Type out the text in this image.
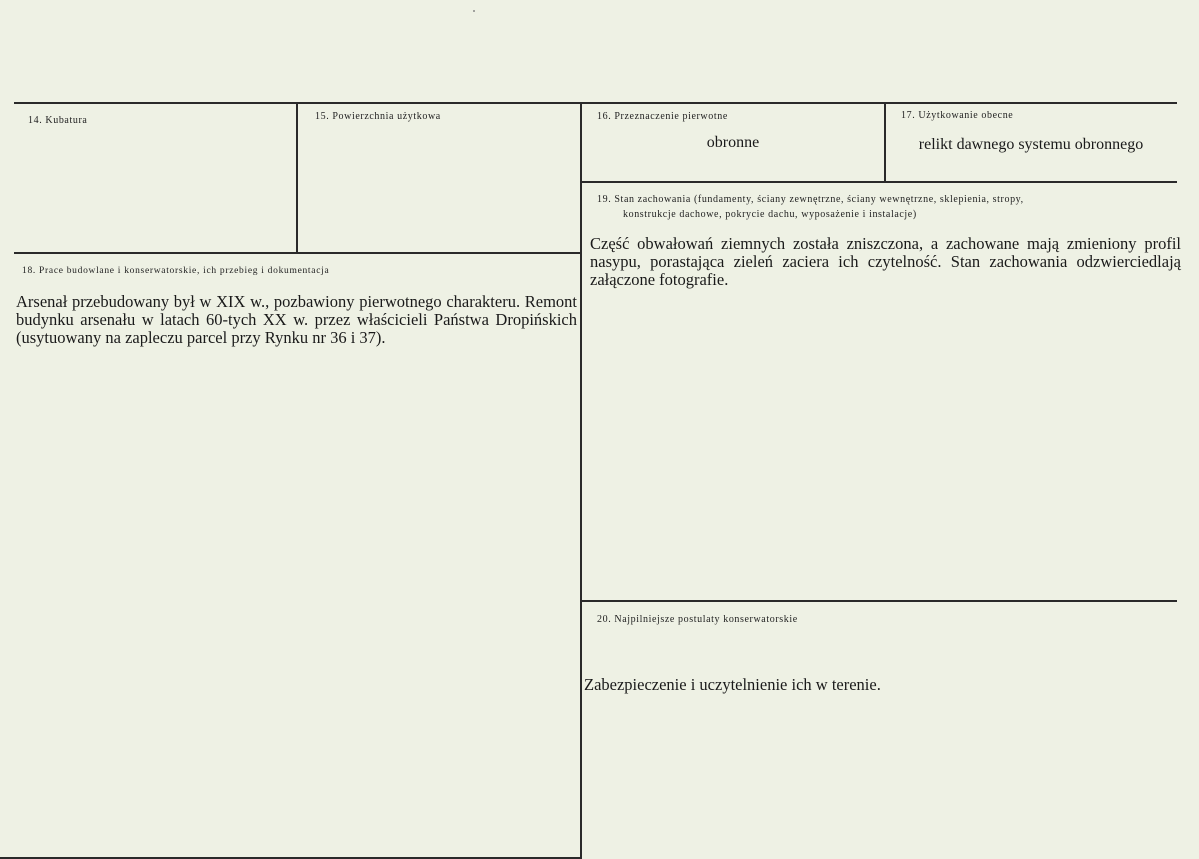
14. Kubatura	15. Powierzchnia użytkowa	16. Przeznaczenie pierwotne
obronne
17. Użytkowanie obecne
relikt dawnego systemu obronnego
18. Prace budowlane i konserwatorskie, ich przebieg i dokumentacja
Arsenał przebudowany był w XIX w., pozbawiony pierwotnego charakteru. Remont budynku arsenału w latach 60-tych XX w. przez właścicieli Państwa Dropińskich (usytuowany na zapleczu parcel przy Rynku nr 36 i 37).
19. Stan zachowania (fundamenty, ściany zewnętrzne, ściany wewnętrzne, sklepienia, stropy,
konstrukcje dachowe, pokrycie dachu, wyposażenie i instalacje)
Część obwałowań ziemnych została zniszczona, a zachowane mają zmieniony profil nasypu, porastająca zieleń zaciera ich czytelność. Stan zachowania odzwierciedlają załączone fotografie.
20. Najpilniejsze postulaty konserwatorskie
Zabezpieczenie i uczytelnienie ich w terenie.
